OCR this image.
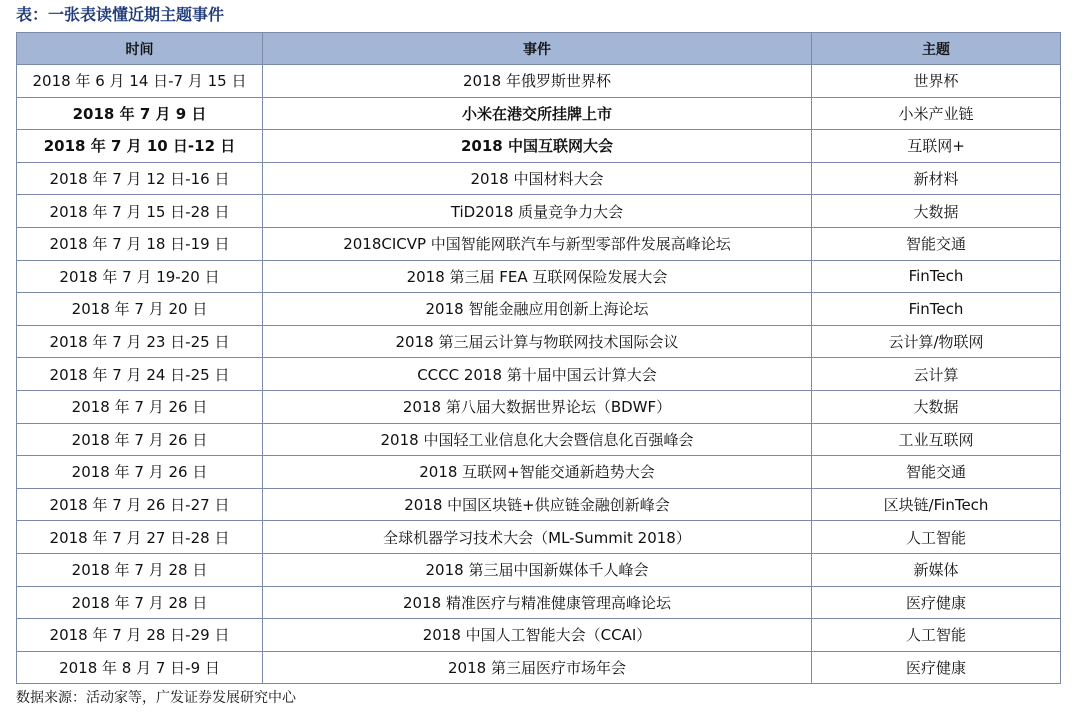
表：一张表读懂近期主题事件
时间	事件	主题
2018 年 6 月 14 日-7 月 15 日	2018 年俄罗斯世界杯	世界杯
2018 年 7 月 9 日	小米在港交所挂牌上市	小米产业链
2018 年 7 月 10 日-12 日	2018 中国互联网大会	互联网+
2018 年 7 月 12 日-16 日	2018 中国材料大会	新材料
2018 年 7 月 15 日-28 日	TiD2018 质量竞争力大会	大数据
2018 年 7 月 18 日-19 日	2018CICVP 中国智能网联汽车与新型零部件发展高峰论坛	智能交通
2018 年 7 月 19-20 日	2018 第三届 FEA 互联网保险发展大会	FinTech
2018 年 7 月 20 日	2018 智能金融应用创新上海论坛	FinTech
2018 年 7 月 23 日-25 日	2018 第三届云计算与物联网技术国际会议	云计算/物联网
2018 年 7 月 24 日-25 日	CCCC 2018 第十届中国云计算大会	云计算
2018 年 7 月 26 日	2018 第八届大数据世界论坛（BDWF）	大数据
2018 年 7 月 26 日	2018 中国轻工业信息化大会暨信息化百强峰会	工业互联网
2018 年 7 月 26 日	2018 互联网+智能交通新趋势大会	智能交通
2018 年 7 月 26 日-27 日	2018 中国区块链+供应链金融创新峰会	区块链/FinTech
2018 年 7 月 27 日-28 日	全球机器学习技术大会（ML-Summit 2018）	人工智能
2018 年 7 月 28 日	2018 第三届中国新媒体千人峰会	新媒体
2018 年 7 月 28 日	2018 精准医疗与精准健康管理高峰论坛	医疗健康
2018 年 7 月 28 日-29 日	2018 中国人工智能大会（CCAI）	人工智能
2018 年 8 月 7 日-9 日	2018 第三届医疗市场年会	医疗健康
数据来源：活动家等，广发证券发展研究中心
